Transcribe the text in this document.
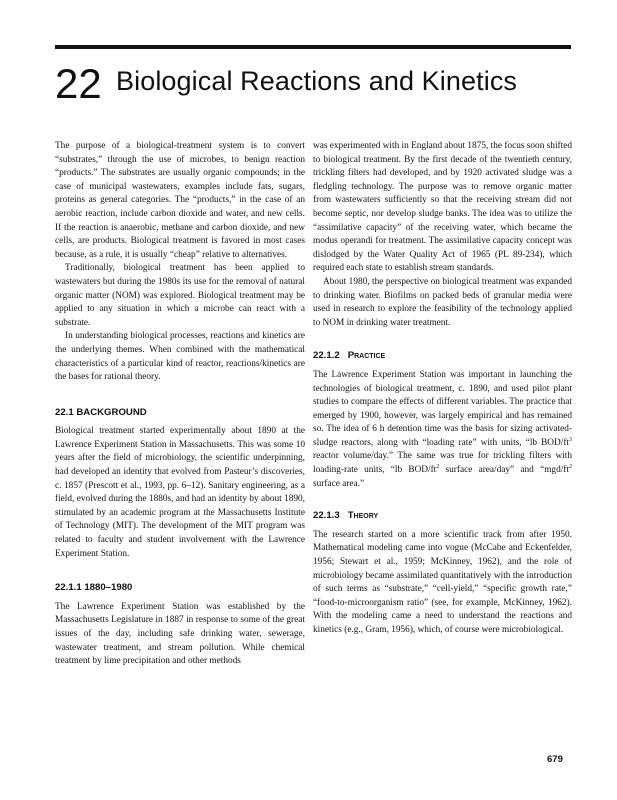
22 Biological Reactions and Kinetics

The purpose of a biological-treatment system is to convert “substrates,” through the use of microbes, to benign reaction “products.” The substrates are usually organic compounds; in the case of municipal wastewaters, examples include fats, sugars, proteins as general categories. The “products,” in the case of an aerobic reaction, include carbon dioxide and water, and new cells. If the reaction is anaerobic, methane and carbon dioxide, and new cells, are products. Biological treatment is favored in most cases because, as a rule, it is usually “cheap” relative to alternatives.

Traditionally, biological treatment has been applied to wastewaters but during the 1980s its use for the removal of natural organic matter (NOM) was explored. Biological treatment may be applied to any situation in which a microbe can react with a substrate.

In understanding biological processes, reactions and kinetics are the underlying themes. When combined with the mathematical characteristics of a particular kind of reactor, reactions/kinetics are the bases for rational theory.

22.1 BACKGROUND

Biological treatment started experimentally about 1890 at the Lawrence Experiment Station in Massachusetts. This was some 10 years after the field of microbiology, the scientific underpinning, had developed an identity that evolved from Pasteur’s discoveries, c. 1857 (Prescott et al., 1993, pp. 6–12). Sanitary engineering, as a field, evolved during the 1880s, and had an identity by about 1890, stimulated by an academic program at the Massachusetts Institute of Technology (MIT). The development of the MIT program was related to faculty and student involvement with the Lawrence Experiment Station.

22.1.1 1880–1980

The Lawrence Experiment Station was established by the Massachusetts Legislature in 1887 in response to some of the great issues of the day, including safe drinking water, sewerage, wastewater treatment, and stream pollution. While chemical treatment by lime precipitation and other methods

was experimented with in England about 1875, the focus soon shifted to biological treatment. By the first decade of the twentieth century, trickling filters had developed, and by 1920 activated sludge was a fledgling technology. The purpose was to remove organic matter from wastewaters sufficiently so that the receiving stream did not become septic, nor develop sludge banks. The idea was to utilize the “assimilative capacity” of the receiving water, which became the modus operandi for treatment. The assimilative capacity concept was dislodged by the Water Quality Act of 1965 (PL 89-234), which required each state to establish stream standards.

About 1980, the perspective on biological treatment was expanded to drinking water. Biofilms on packed beds of granular media were used in research to explore the feasibility of the technology applied to NOM in drinking water treatment.

22.1.2 Practice

The Lawrence Experiment Station was important in launching the technologies of biological treatment, c. 1890, and used pilot plant studies to compare the effects of different variables. The practice that emerged by 1900, however, was largely empirical and has remained so. The idea of 6 h detention time was the basis for sizing activated-sludge reactors, along with “loading rate” with units, “lb BOD/$ft^3$ reactor volume/day.” The same was true for trickling filters with loading-rate units, “lb BOD/$ft^2$ surface area/day” and “$mgd/ft^2$ surface area.”

22.1.3 Theory

The research started on a more scientific track from after 1950. Mathematical modeling came into vogue (McCabe and Eckenfelder, 1956; Stewart et al., 1959; McKinney, 1962), and the role of microbiology became assimilated quantitatively with the introduction of such terms as “substrate,” “cell-yield,” “specific growth rate,” “food-to-microorganism ratio” (see, for example, McKinney, 1962). With the modeling came a need to understand the reactions and kinetics (e.g., Gram, 1956), which, of course were microbiological.

679
